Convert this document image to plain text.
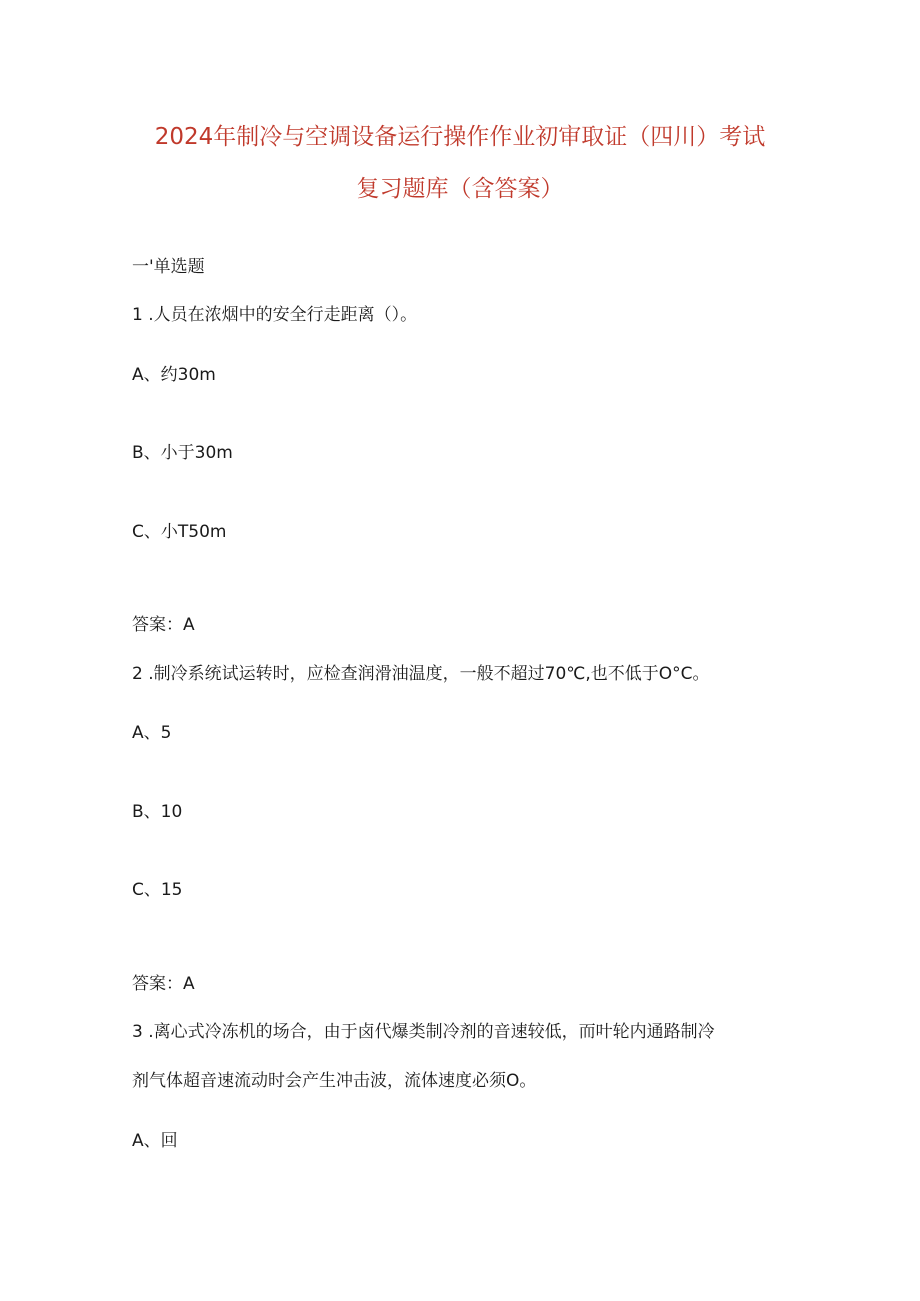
2024年制冷与空调设备运行操作作业初审取证（四川）考试
复习题库（含答案）
一'单选题
1 .人员在浓烟中的安全行走距离（）。
A、约30m
B、小于30m
C、小T50m
答案：A
2 .制冷系统试运转时，应检查润滑油温度，一般不超过70℃,也不低于O°C。
A、5
B、10
C、15
答案：A
3 .离心式冷冻机的场合，由于卤代爆类制冷剂的音速较低，而叶轮内通路制冷
剂气体超音速流动时会产生冲击波，流体速度必须O。
A、回
